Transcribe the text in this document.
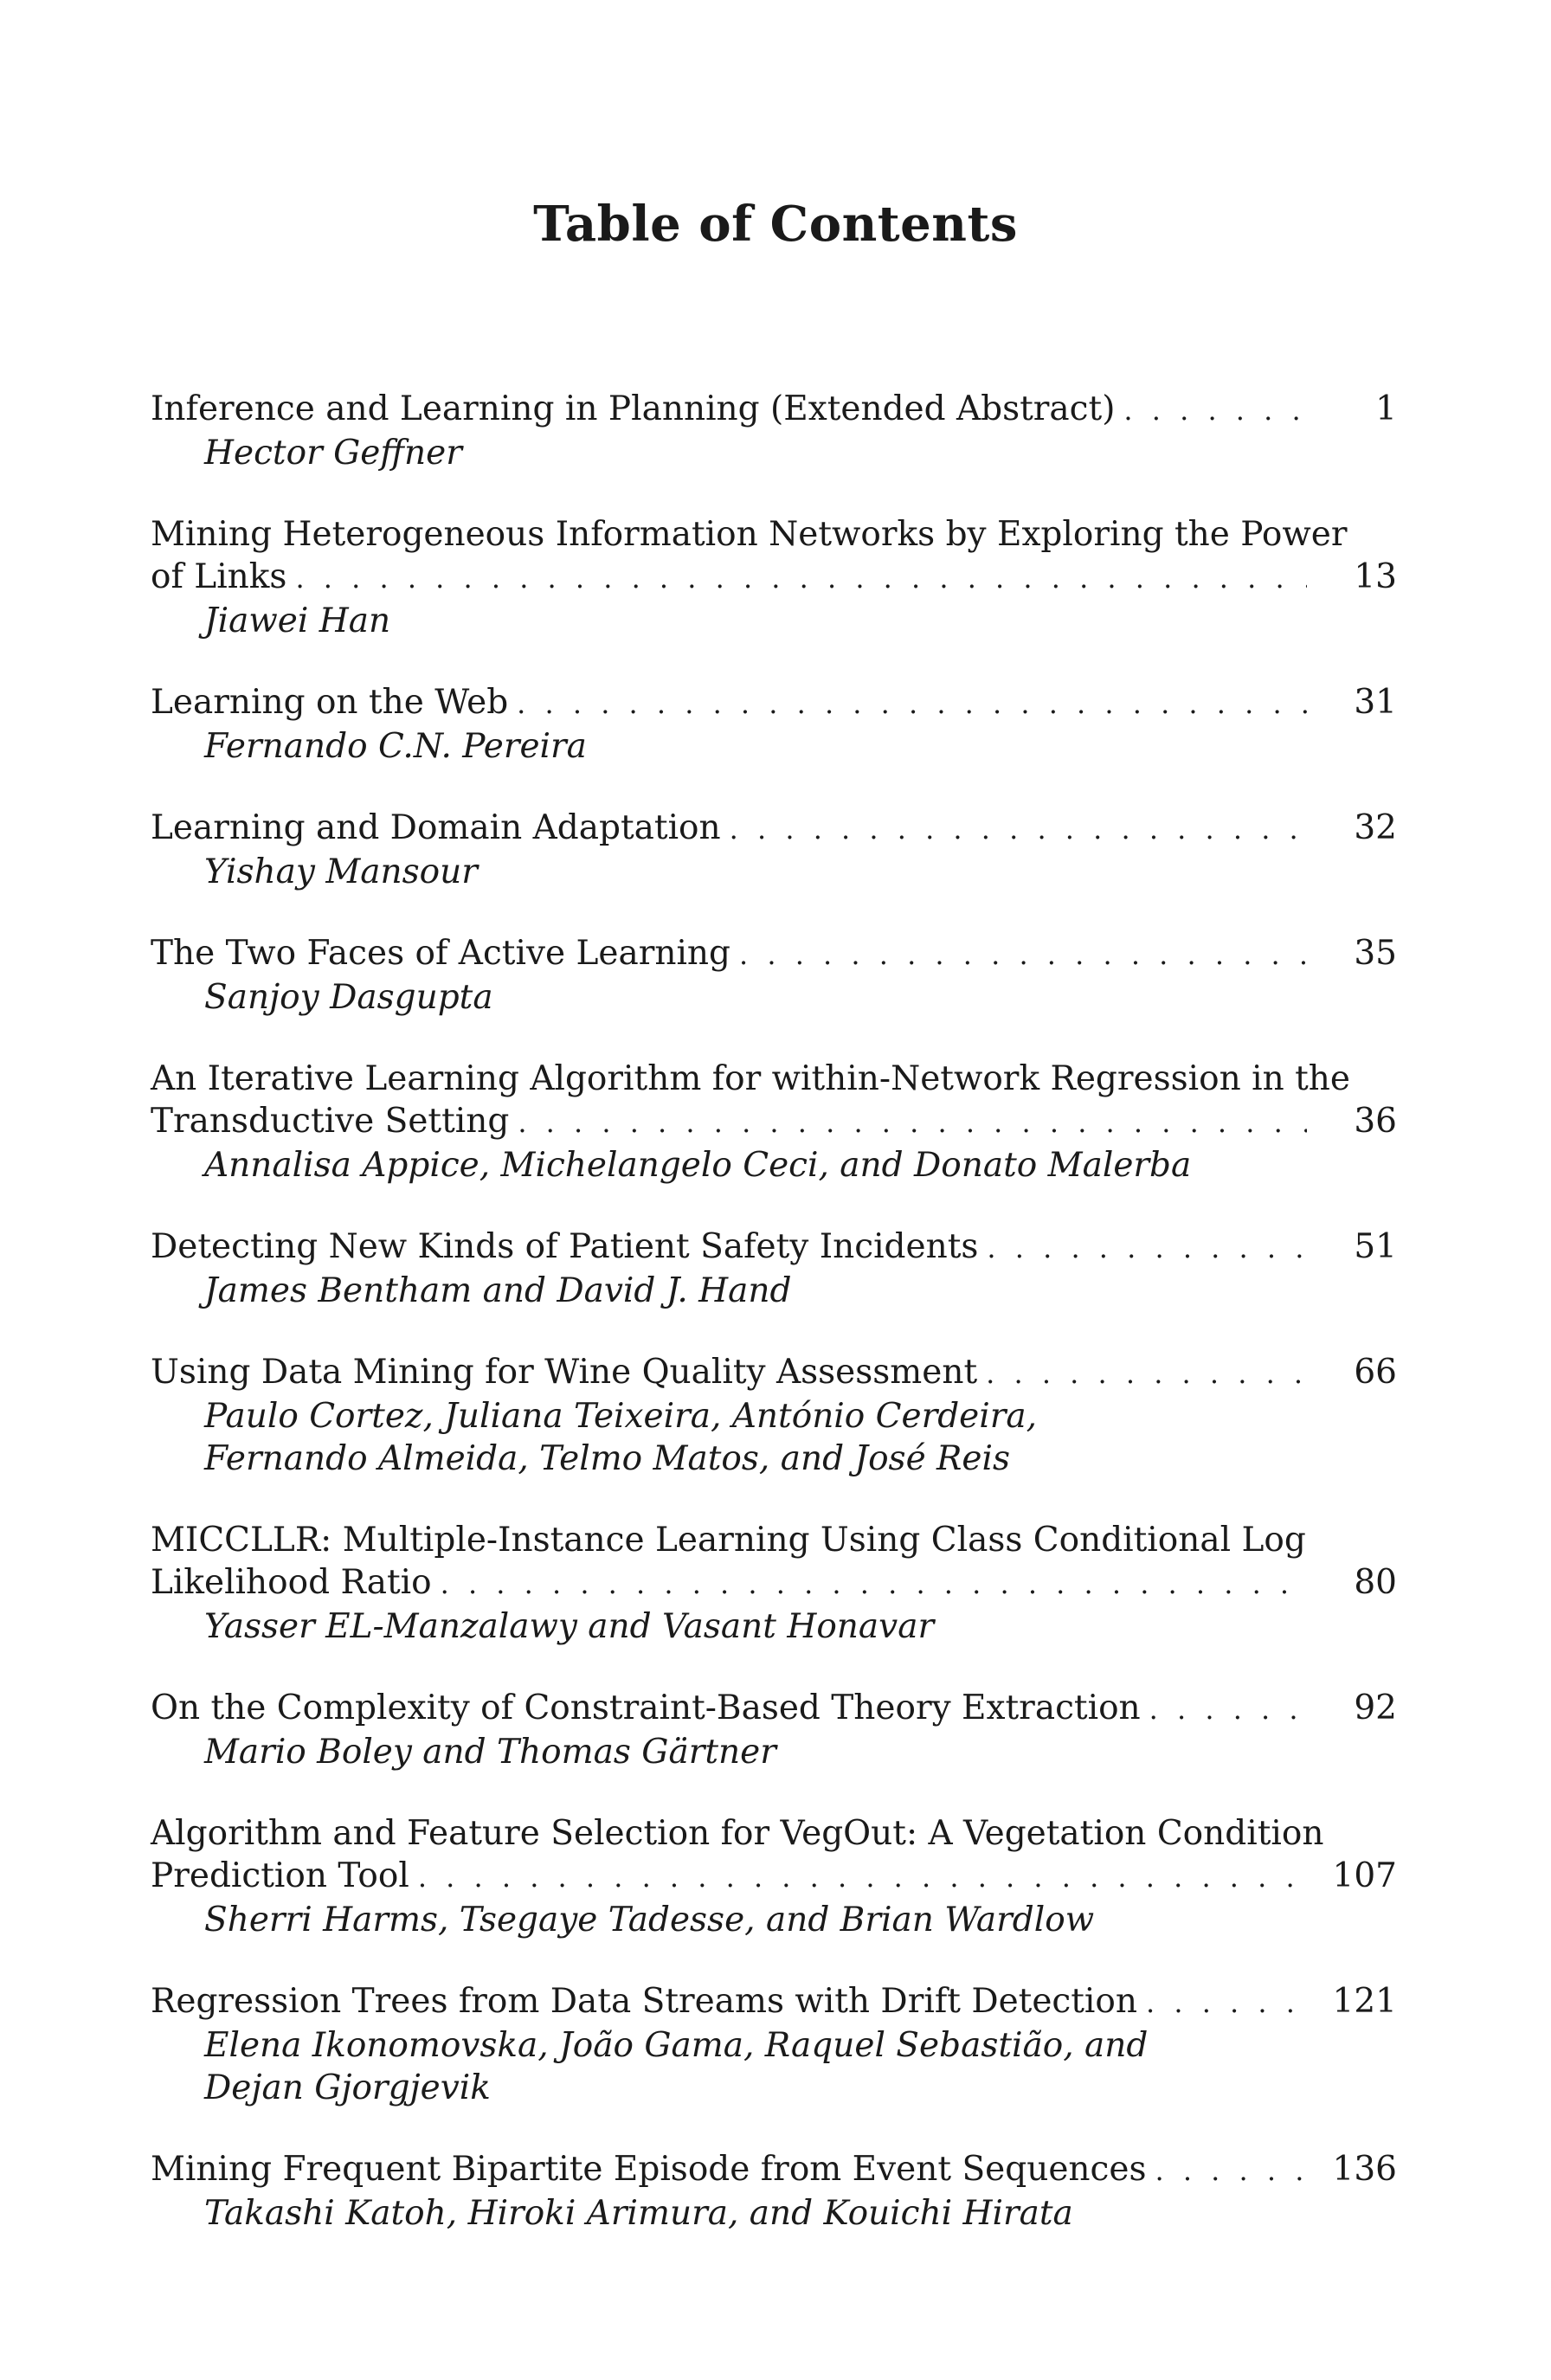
Table of Contents
Inference and Learning in Planning (Extended Abstract) . . .	1
Hector Geffner
Mining Heterogeneous Information Networks by Exploring the Power
of Links . . .	13
Jiawei Han
Learning on the Web . . .	31
Fernando C.N. Pereira
Learning and Domain Adaptation . . .	32
Yishay Mansour
The Two Faces of Active Learning . . .	35
Sanjoy Dasgupta
An Iterative Learning Algorithm for within-Network Regression in the
Transductive Setting . . .	36
Annalisa Appice, Michelangelo Ceci, and Donato Malerba
Detecting New Kinds of Patient Safety Incidents . . .	51
James Bentham and David J. Hand
Using Data Mining for Wine Quality Assessment . . .	66
Paulo Cortez, Juliana Teixeira, António Cerdeira,
Fernando Almeida, Telmo Matos, and José Reis
MICCLLR: Multiple-Instance Learning Using Class Conditional Log
Likelihood Ratio . . .	80
Yasser EL-Manzalawy and Vasant Honavar
On the Complexity of Constraint-Based Theory Extraction . . .	92
Mario Boley and Thomas Gärtner
Algorithm and Feature Selection for VegOut: A Vegetation Condition
Prediction Tool . . .	107
Sherri Harms, Tsegaye Tadesse, and Brian Wardlow
Regression Trees from Data Streams with Drift Detection . . .	121
Elena Ikonomovska, João Gama, Raquel Sebastião, and
Dejan Gjorgjevik
Mining Frequent Bipartite Episode from Event Sequences . . .	136
Takashi Katoh, Hiroki Arimura, and Kouichi Hirata
